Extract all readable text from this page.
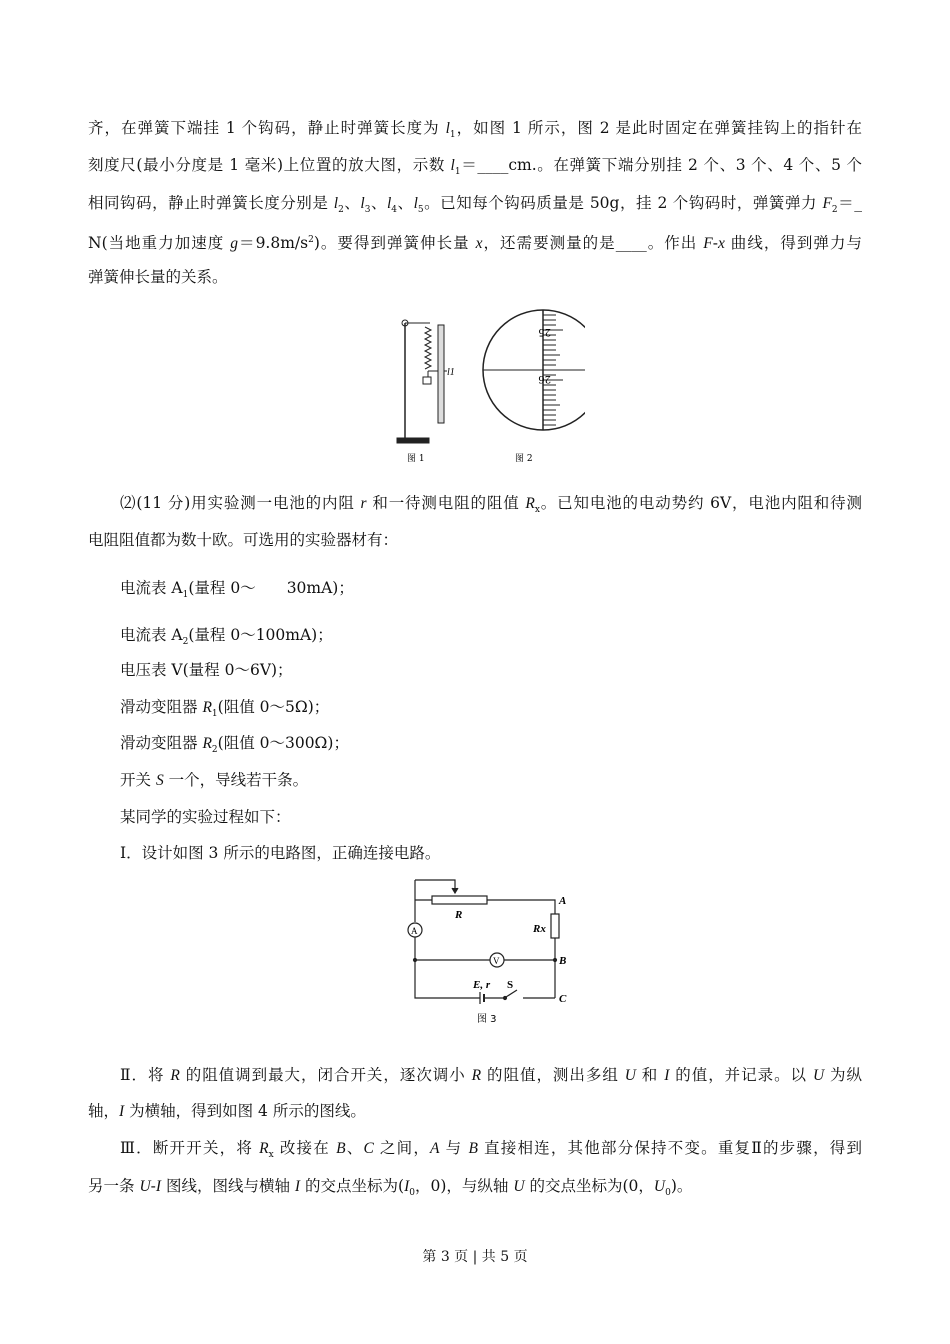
齐，在弹簧下端挂 1 个钩码，静止时弹簧长度为 $l_1$，如图 1 所示，图 2 是此时固定在弹簧挂钩上的指针在
刻度尺(最小分度是 1 毫米)上位置的放大图，示数 $l_1=\_\_\_\_cm$.。在弹簧下端分别挂 2 个、3 个、4 个、5 个
相同钩码，静止时弹簧长度分别是 $l_2$、$l_3$、$l_4$、$l_5$。已知每个钩码质量是 50g，挂 2 个钩码时，弹簧弹力 $F_2=\_$
N(当地重力加速度 $g=9.8m/s^2$)。要得到弹簧伸长量 x，还需要测量的是____。作出 F-x 曲线，得到弹力与
弹簧伸长量的关系。
⑵(11 分)用实验测一电池的内阻 r 和一待测电阻的阻值 $R_x$。已知电池的电动势约 6V，电池内阻和待测
电阻阻值都为数十欧。可选用的实验器材有：
电流表 $A_1$(量程 0～　　30mA)；
电流表 $A_2$(量程 0～100mA)；
电压表 V(量程 0～6V)；
滑动变阻器 $R_1$(阻值 0～5Ω)；
滑动变阻器 $R_2$(阻值 0～300Ω)；
开关 S 一个，导线若干条。
某同学的实验过程如下：
Ⅰ．设计如图 3 所示的电路图，正确连接电路。
Ⅱ．将 R 的阻值调到最大，闭合开关，逐次调小 R 的阻值，测出多组 U 和 I 的值，并记录。以 U 为纵
轴，I 为横轴，得到如图 4 所示的图线。
Ⅲ．断开开关，将 $R_x$ 改接在 B、C 之间，A 与 B 直接相连，其他部分保持不变。重复Ⅱ的步骤，得到
另一条 U-I 图线，图线与横轴 I 的交点坐标为($I_0$，0)，与纵轴 U 的交点坐标为(0，$U_0$)。
l1
图 1
25
26
图 2
A
V
R
Rx
A
B
C
E, r S
图 3
第 3 页 | 共 5 页
